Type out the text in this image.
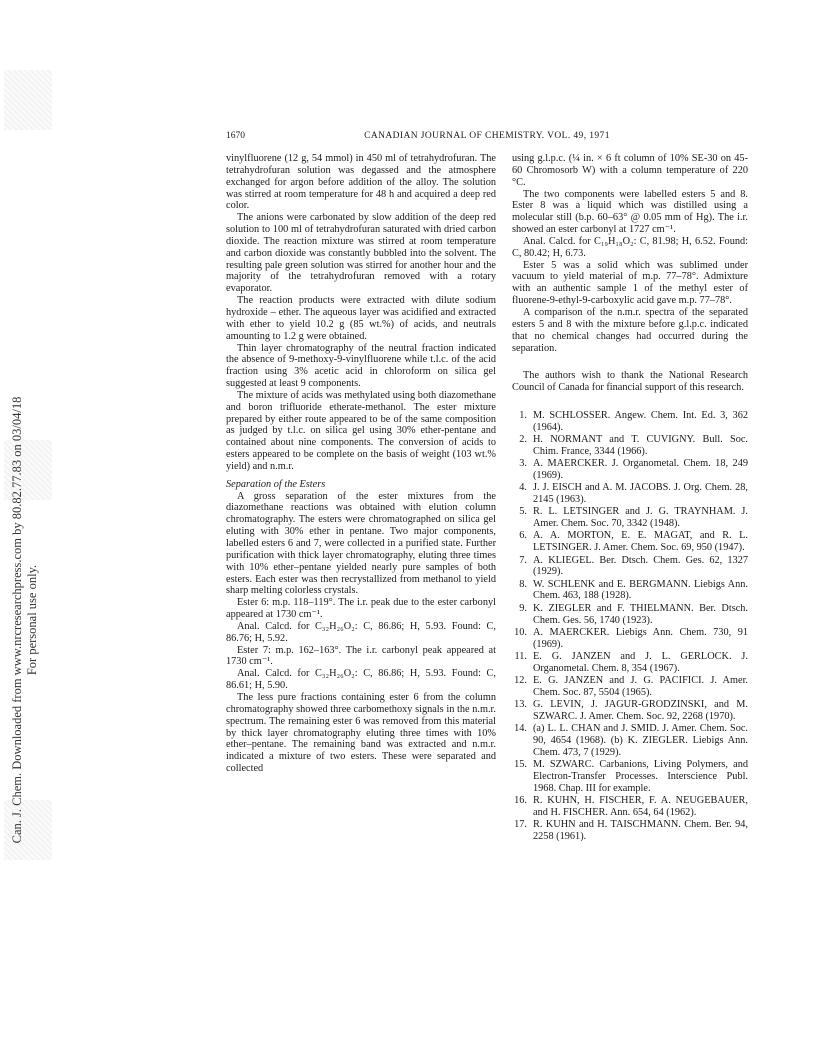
Can. J. Chem. Downloaded from www.nrcresearchpress.com by 80.82.77.83 on 03/04/18 For personal use only.
1670	CANADIAN JOURNAL OF CHEMISTRY. VOL. 49, 1971

vinylfluorene (12 g, 54 mmol) in 450 ml of tetrahydrofuran. The tetrahydrofuran solution was degassed and the atmosphere exchanged for argon before addition of the alloy. The solution was stirred at room temperature for 48 h and acquired a deep red color.

The anions were carbonated by slow addition of the deep red solution to 100 ml of tetrahydrofuran saturated with dried carbon dioxide. The reaction mixture was stirred at room temperature and carbon dioxide was constantly bubbled into the solvent. The resulting pale green solution was stirred for another hour and the majority of the tetrahydrofuran removed with a rotary evaporator.

The reaction products were extracted with dilute sodium hydroxide – ether. The aqueous layer was acidified and extracted with ether to yield 10.2 g (85 wt.%) of acids, and neutrals amounting to 1.2 g were obtained.

Thin layer chromatography of the neutral fraction indicated the absence of 9-methoxy-9-vinylfluorene while t.l.c. of the acid fraction using 3% acetic acid in chloroform on silica gel suggested at least 9 components.

The mixture of acids was methylated using both diazomethane and boron trifluoride etherate-methanol. The ester mixture prepared by either route appeared to be of the same composition as judged by t.l.c. on silica gel using 30% ether-pentane and contained about nine components. The conversion of acids to esters appeared to be complete on the basis of weight (103 wt.% yield) and n.m.r.

Separation of the Esters

A gross separation of the ester mixtures from the diazomethane reactions was obtained with elution column chromatography. The esters were chromatographed on silica gel eluting with 30% ether in pentane. Two major components, labelled esters 6 and 7, were collected in a purified state. Further purification with thick layer chromatography, eluting three times with 10% ether–pentane yielded nearly pure samples of both esters. Each ester was then recrystallized from methanol to yield sharp melting colorless crystals.

Ester 6: m.p. 118–119°. The i.r. peak due to the ester carbonyl appeared at 1730 cm⁻¹.

Anal. Calcd. for C₃₂H₂₆O₂: C, 86.86; H, 5.93. Found: C, 86.76; H, 5.92.

Ester 7: m.p. 162–163°. The i.r. carbonyl peak appeared at 1730 cm⁻¹.

Anal. Calcd. for C₃₂H₂₆O₂: C, 86.86; H, 5.93. Found: C, 86.61; H, 5.90.

The less pure fractions containing ester 6 from the column chromatography showed three carbomethoxy signals in the n.m.r. spectrum. The remaining ester 6 was removed from this material by thick layer chromatography eluting three times with 10% ether–pentane. The remaining band was extracted and n.m.r. indicated a mixture of two esters. These were separated and collected

using g.l.p.c. (¼ in. × 6 ft column of 10% SE-30 on 45-60 Chromosorb W) with a column temperature of 220 °C.

The two components were labelled esters 5 and 8. Ester 8 was a liquid which was distilled using a molecular still (b.p. 60–63° @ 0.05 mm of Hg). The i.r. showed an ester carbonyl at 1727 cm⁻¹.

Anal. Calcd. for C₁₉H₁₈O₂: C, 81.98; H, 6.52. Found: C, 80.42; H, 6.73.

Ester 5 was a solid which was sublimed under vacuum to yield material of m.p. 77–78°. Admixture with an authentic sample 1 of the methyl ester of fluorene-9-ethyl-9-carboxylic acid gave m.p. 77–78°.

A comparison of the n.m.r. spectra of the separated esters 5 and 8 with the mixture before g.l.p.c. indicated that no chemical changes had occurred during the separation.

The authors wish to thank the National Research Council of Canada for financial support of this research.

1. M. SCHLOSSER. Angew. Chem. Int. Ed. 3, 362 (1964).
2. H. NORMANT and T. CUVIGNY. Bull. Soc. Chim. France, 3344 (1966).
3. A. MAERCKER. J. Organometal. Chem. 18, 249 (1969).
4. J. J. EISCH and A. M. JACOBS. J. Org. Chem. 28, 2145 (1963).
5. R. L. LETSINGER and J. G. TRAYNHAM. J. Amer. Chem. Soc. 70, 3342 (1948).
6. A. A. MORTON, E. E. MAGAT, and R. L. LETSINGER. J. Amer. Chem. Soc. 69, 950 (1947).
7. A. KLIEGEL. Ber. Dtsch. Chem. Ges. 62, 1327 (1929).
8. W. SCHLENK and E. BERGMANN. Liebigs Ann. Chem. 463, 188 (1928).
9. K. ZIEGLER and F. THIELMANN. Ber. Dtsch. Chem. Ges. 56, 1740 (1923).
10. A. MAERCKER. Liebigs Ann. Chem. 730, 91 (1969).
11. E. G. JANZEN and J. L. GERLOCK. J. Organometal. Chem. 8, 354 (1967).
12. E. G. JANZEN and J. G. PACIFICI. J. Amer. Chem. Soc. 87, 5504 (1965).
13. G. LEVIN, J. JAGUR-GRODZINSKI, and M. SZWARC. J. Amer. Chem. Soc. 92, 2268 (1970).
14. (a) L. L. CHAN and J. SMID. J. Amer. Chem. Soc. 90, 4654 (1968). (b) K. ZIEGLER. Liebigs Ann. Chem. 473, 7 (1929).
15. M. SZWARC. Carbanions, Living Polymers, and Electron-Transfer Processes. Interscience Publ. 1968. Chap. III for example.
16. R. KUHN, H. FISCHER, F. A. NEUGEBAUER, and H. FISCHER. Ann. 654, 64 (1962).
17. R. KUHN and H. TAISCHMANN. Chem. Ber. 94, 2258 (1961).
